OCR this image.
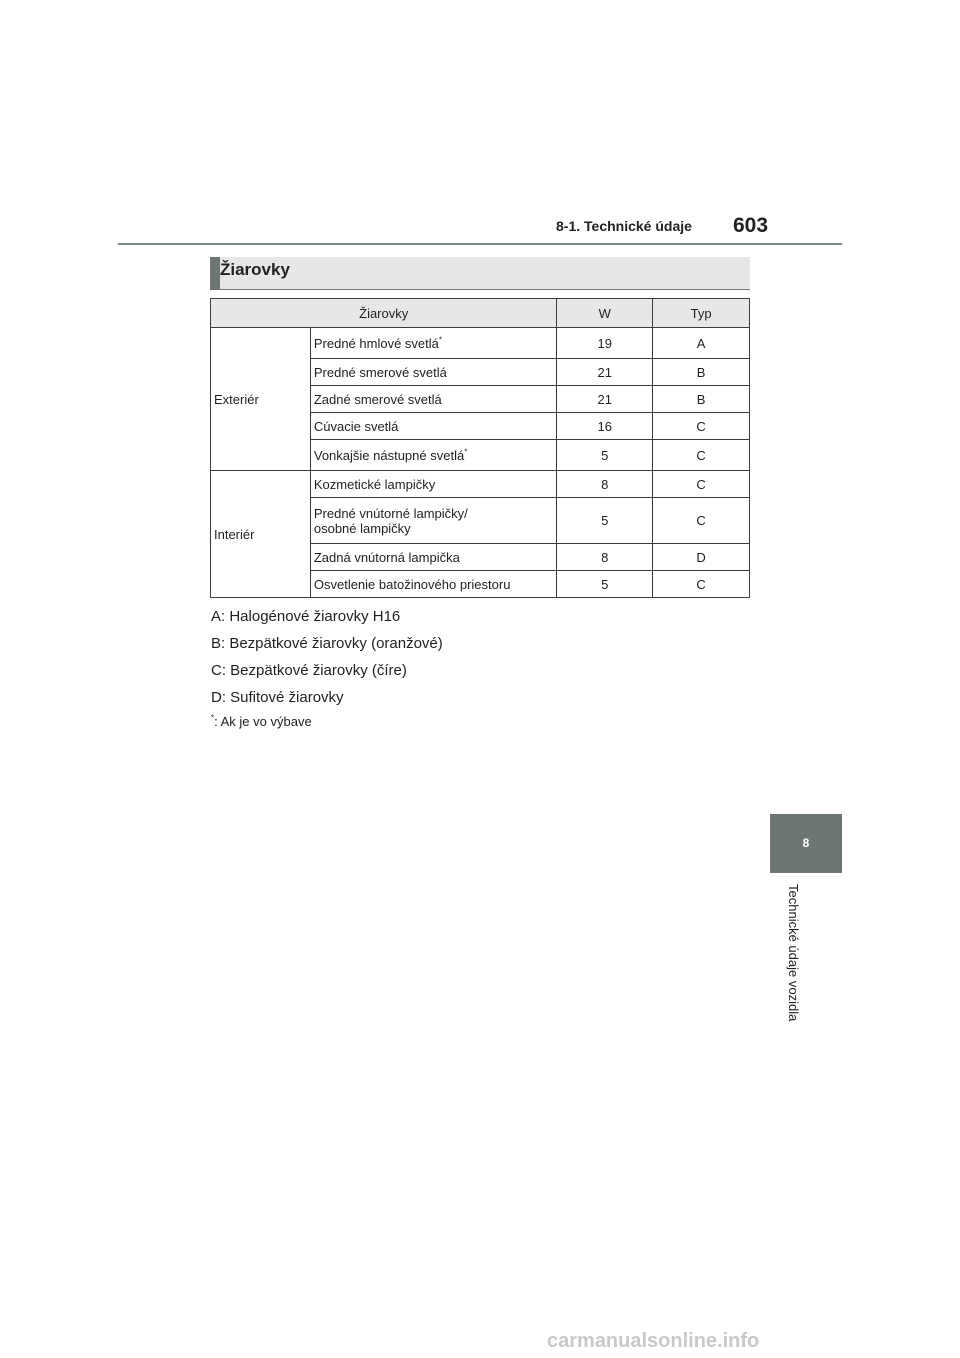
8-1. Technické údaje 603
Žiarovky
Žiarovky		W	Typ
Exteriér	Predné hmlové svetlá*	19	A
	Predné smerové svetlá	21	B
	Zadné smerové svetlá	21	B
	Cúvacie svetlá	16	C
	Vonkajšie nástupné svetlá*	5	C
Interiér	Kozmetické lampičky	8	C
	Predné vnútorné lampičky/
osobné lampičky	5	C
	Zadná vnútorná lampička	8	D
	Osvetlenie batožinového priestoru	5	C
A: Halogénové žiarovky H16
B: Bezpätkové žiarovky (oranžové)
C: Bezpätkové žiarovky (číre)
D: Sufitové žiarovky
*: Ak je vo výbave
8
Technické údaje vozidla
carmanualsonline.info
